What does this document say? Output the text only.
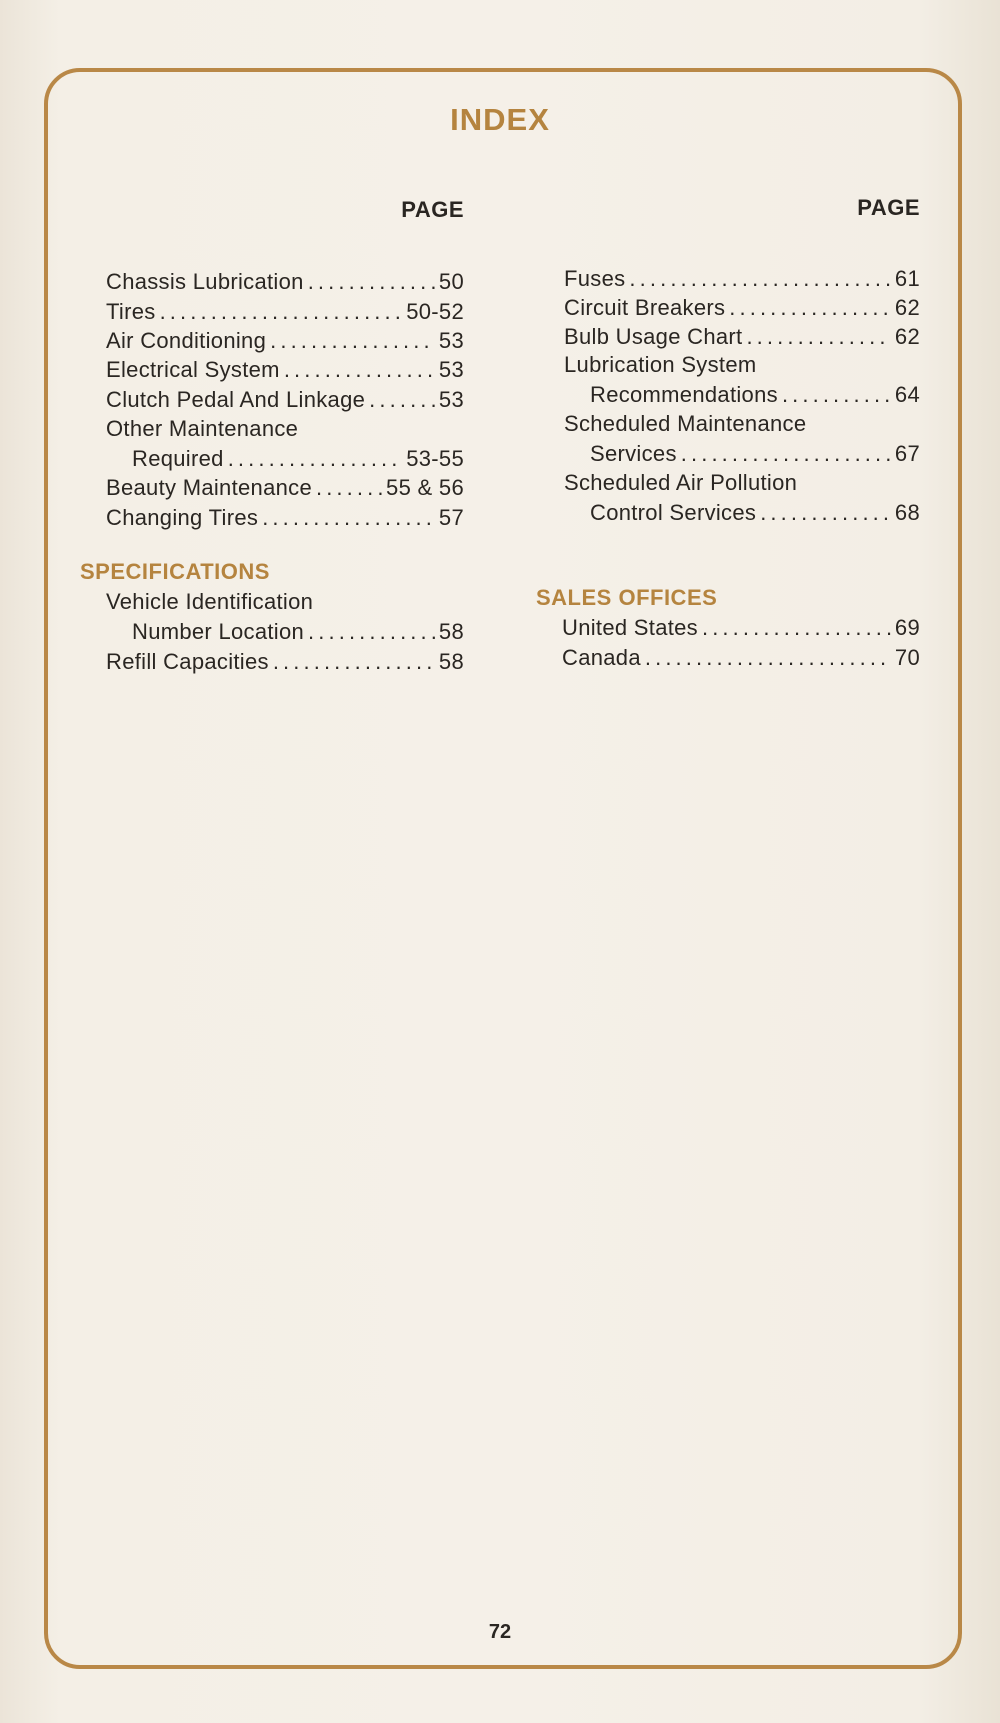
INDEX
PAGE
Chassis Lubrication . . .	50
Tires . . .	50-52
Air Conditioning . . .	53
Electrical System . . .	53
Clutch Pedal And Linkage . . .	53
Other Maintenance
Required . . .	53-55
Beauty Maintenance . . .	55 & 56
Changing Tires . . .	57
SPECIFICATIONS
Vehicle Identification
Number Location . . .	58
Refill Capacities . . .	58
PAGE
Fuses . . .	61
Circuit Breakers . . .	62
Bulb Usage Chart . . .	62
Lubrication System
Recommendations . . .	64
Scheduled Maintenance
Services . . .	67
Scheduled Air Pollution
Control Services . . .	68
SALES OFFICES
United States . . .	69
Canada . . .	70
72
